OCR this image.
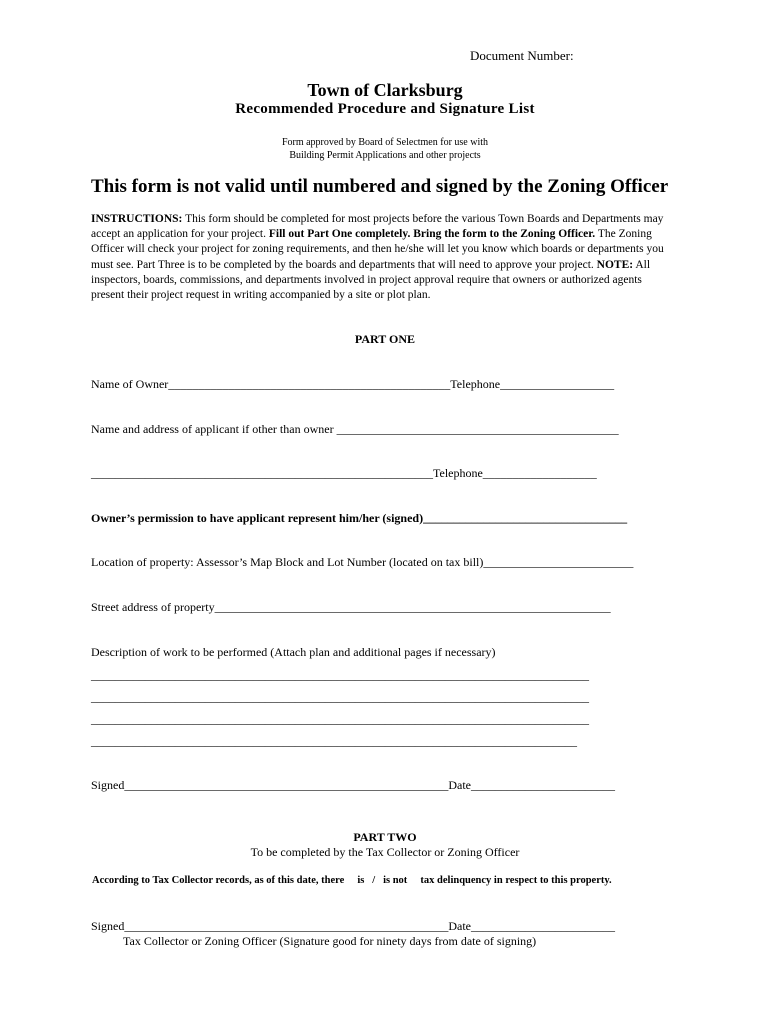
Document Number:
Town of Clarksburg
Recommended Procedure and Signature List
Form approved by Board of Selectmen for use with
Building Permit Applications and other projects
This form is not valid until numbered and signed by the Zoning Officer
INSTRUCTIONS: This form should be completed for most projects before the various Town Boards and Departments may accept an application for your project. Fill out Part One completely. Bring the form to the Zoning Officer. The Zoning Officer will check your project for zoning requirements, and then he/she will let you know which boards or departments you must see. Part Three is to be completed by the boards and departments that will need to approve your project. NOTE: All inspectors, boards, commissions, and departments involved in project approval require that owners or authorized agents present their project request in writing accompanied by a site or plot plan.
PART ONE
Name of Owner_______________________________________________Telephone___________________
Name and address of applicant if other than owner _______________________________________________
_________________________________________________________Telephone___________________
Owner’s permission to have applicant represent him/her (signed)__________________________________
Location of property: Assessor’s Map Block and Lot Number (located on tax bill)_________________________
Street address of property__________________________________________________________________
Description of work to be performed (Attach plan and additional pages if necessary)
___________________________________________________________________________________
___________________________________________________________________________________
___________________________________________________________________________________
_________________________________________________________________________________
Signed______________________________________________________Date________________________
PART TWO
To be completed by the Tax Collector or Zoning Officer
According to Tax Collector records, as of this date, there is / is not tax delinquency in respect to this property.
Signed______________________________________________________Date________________________
Tax Collector or Zoning Officer (Signature good for ninety days from date of signing)
